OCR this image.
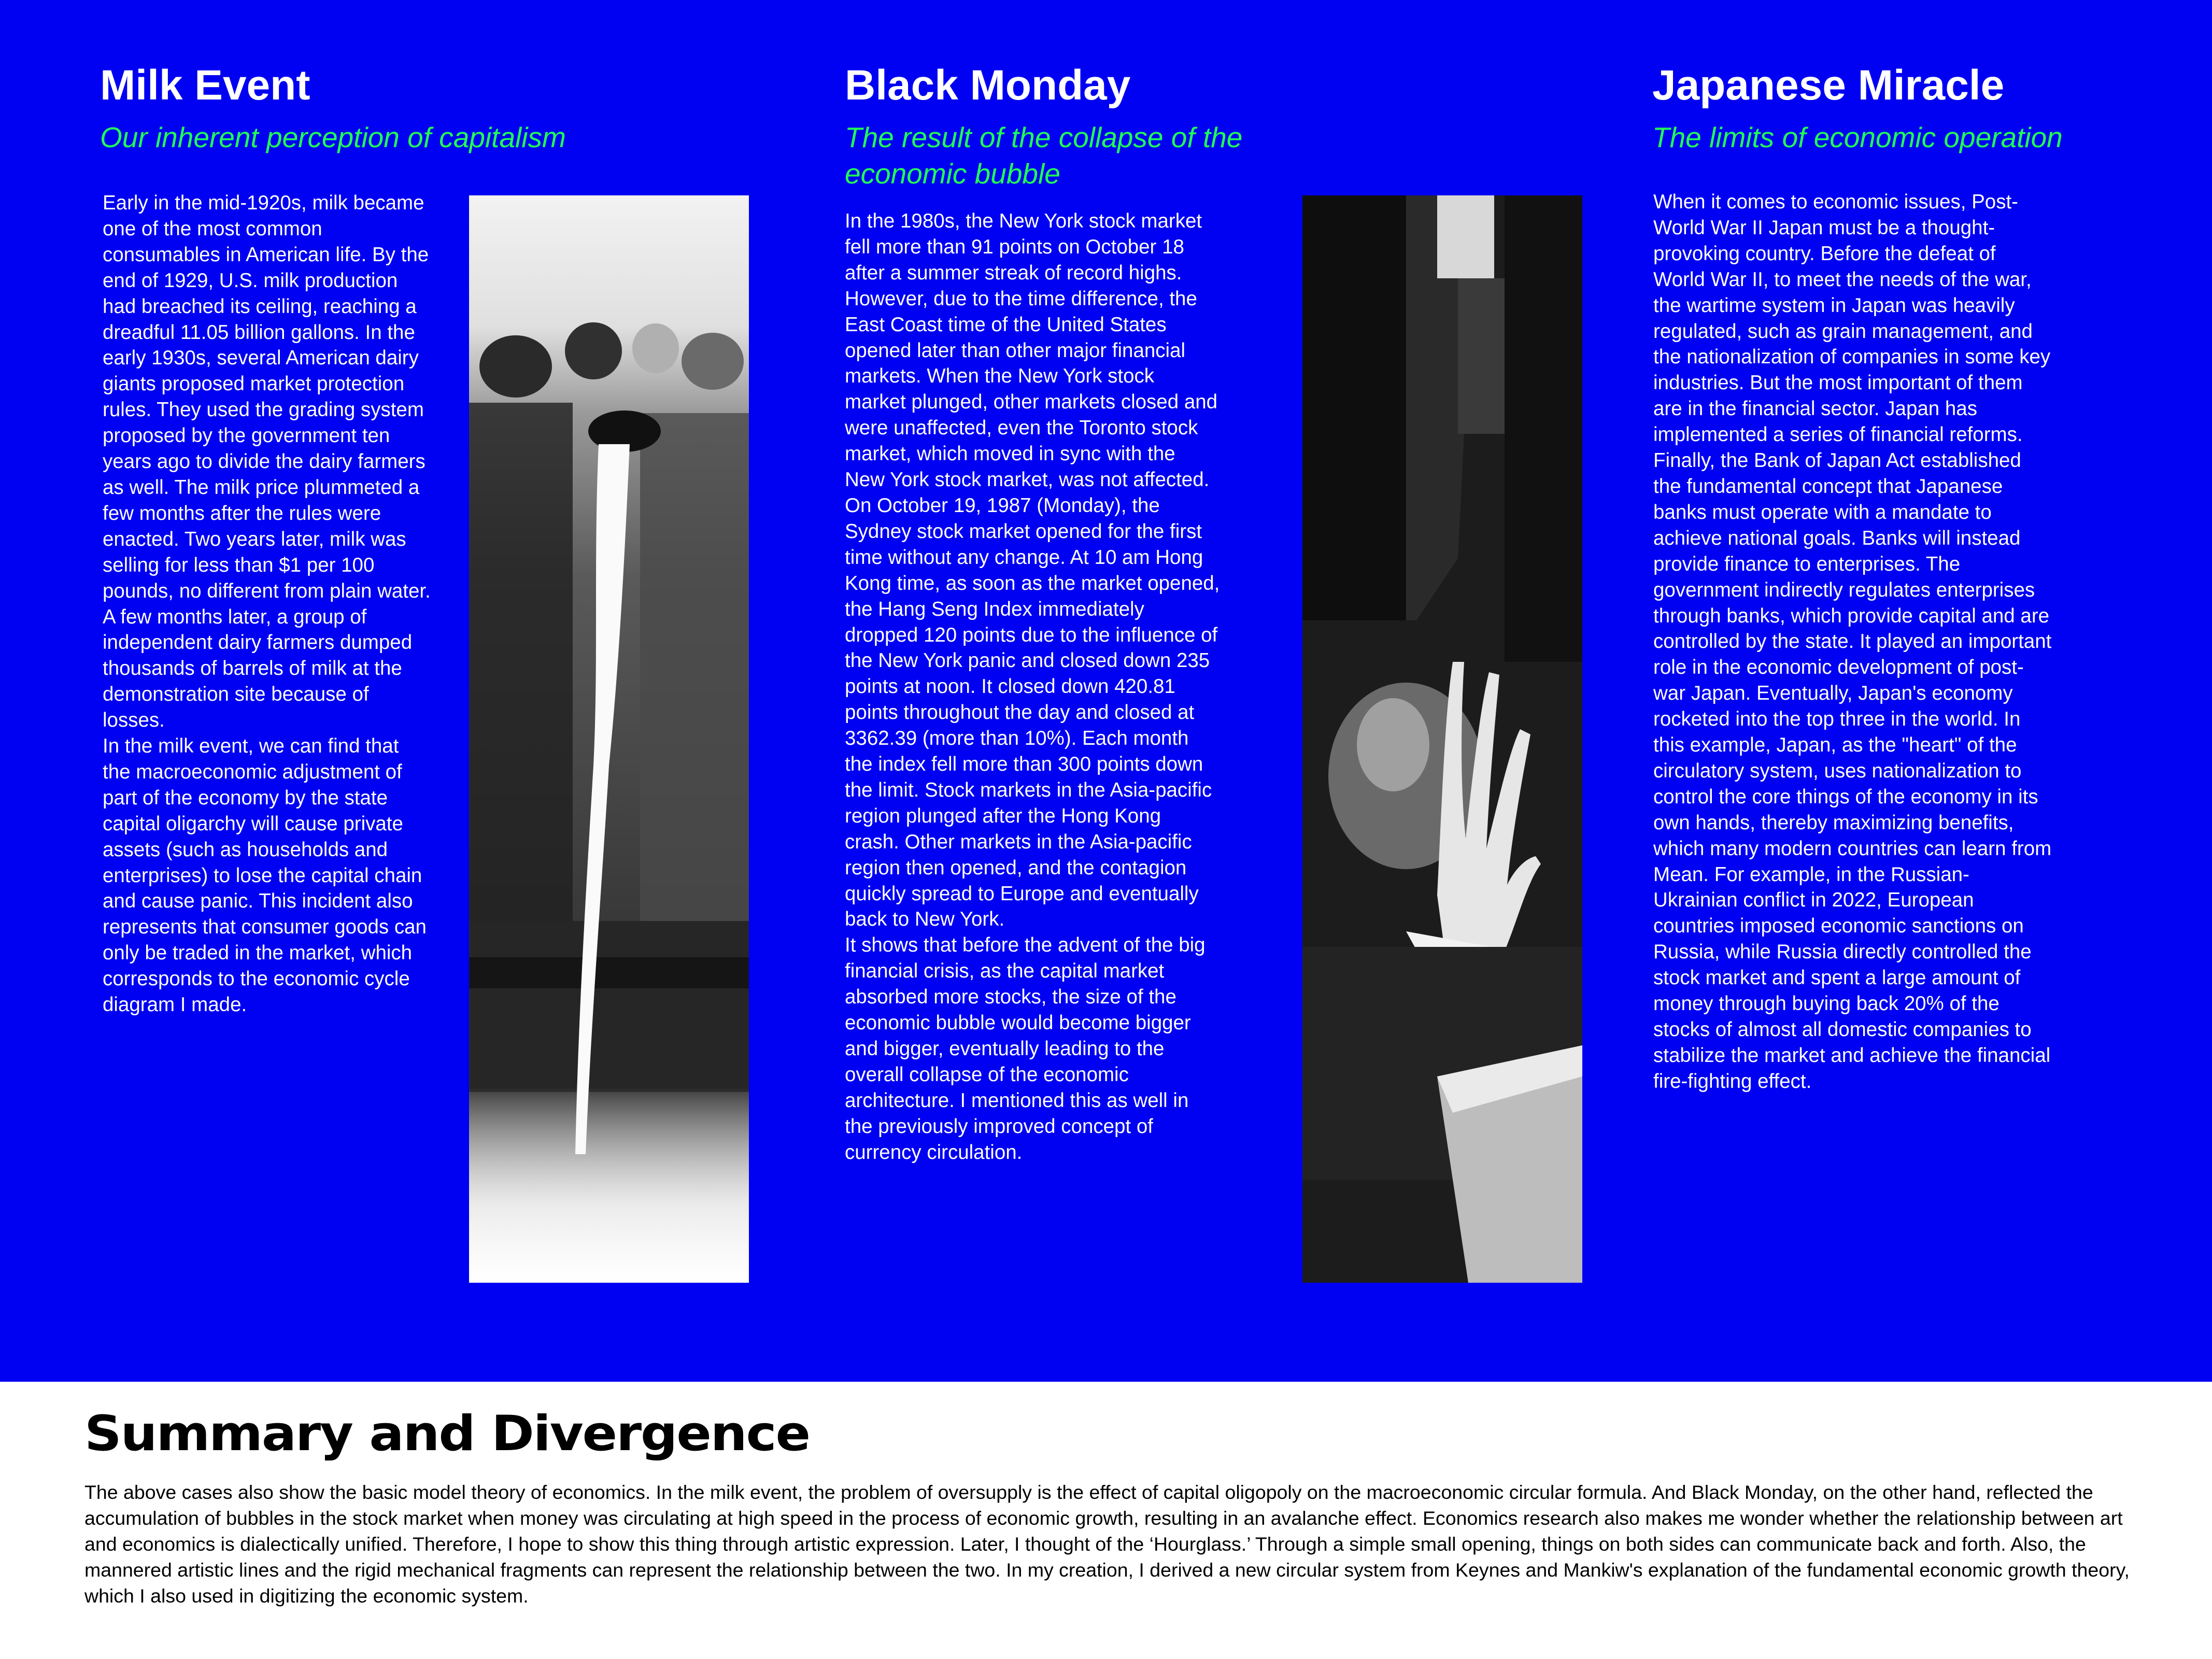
Milk Event
Our inherent perception of capitalism

Early in the mid-1920s, milk became one of the most common consumables in American life. By the end of 1929, U.S. milk production had breached its ceiling, reaching a dreadful 11.05 billion gallons. In the early 1930s, several American dairy giants proposed market protection rules. They used the grading system proposed by the government ten years ago to divide the dairy farmers as well. The milk price plummeted a few months after the rules were enacted. Two years later, milk was selling for less than $1 per 100 pounds, no different from plain water. A few months later, a group of independent dairy farmers dumped thousands of barrels of milk at the demonstration site because of losses.

In the milk event, we can find that the macroeconomic adjustment of part of the economy by the state capital oligarchy will cause private assets (such as households and enterprises) to lose the capital chain and cause panic. This incident also represents that consumer goods can only be traded in the market, which corresponds to the economic cycle diagram I made.

Black Monday
The result of the collapse of the economic bubble

In the 1980s, the New York stock market fell more than 91 points on October 18 after a summer streak of record highs. However, due to the time difference, the East Coast time of the United States opened later than other major financial markets. When the New York stock market plunged, other markets closed and were unaffected, even the Toronto stock market, which moved in sync with the New York stock market, was not affected. On October 19, 1987 (Monday), the Sydney stock market opened for the first time without any change. At 10 am Hong Kong time, as soon as the market opened, the Hang Seng Index immediately dropped 120 points due to the influence of the New York panic and closed down 235 points at noon. It closed down 420.81 points throughout the day and closed at 3362.39 (more than 10%). Each month the index fell more than 300 points down the limit. Stock markets in the Asia-pacific region plunged after the Hong Kong crash. Other markets in the Asia-pacific region then opened, and the contagion quickly spread to Europe and eventually back to New York.

It shows that before the advent of the big financial crisis, as the capital market absorbed more stocks, the size of the economic bubble would become bigger and bigger, eventually leading to the overall collapse of the economic architecture. I mentioned this as well in the previously improved concept of currency circulation.

Japanese Miracle
The limits of economic operation

When it comes to economic issues, Post-World War II Japan must be a thought-provoking country. Before the defeat of World War II, to meet the needs of the war, the wartime system in Japan was heavily regulated, such as grain management, and the nationalization of companies in some key industries. But the most important of them are in the financial sector. Japan has implemented a series of financial reforms. Finally, the Bank of Japan Act established the fundamental concept that Japanese banks must operate with a mandate to achieve national goals. Banks will instead provide finance to enterprises. The government indirectly regulates enterprises through banks, which provide capital and are controlled by the state. It played an important role in the economic development of post-war Japan. Eventually, Japan's economy rocketed into the top three in the world. In this example, Japan, as the "heart" of the circulatory system, uses nationalization to control the core things of the economy in its own hands, thereby maximizing benefits, which many modern countries can learn from Mean. For example, in the Russian-Ukrainian conflict in 2022, European countries imposed economic sanctions on Russia, while Russia directly controlled the stock market and spent a large amount of money through buying back 20% of the stocks of almost all domestic companies to stabilize the market and achieve the financial fire-fighting effect.

Summary and Divergence

The above cases also show the basic model theory of economics. In the milk event, the problem of oversupply is the effect of capital oligopoly on the macroeconomic circular formula. And Black Monday, on the other hand, reflected the accumulation of bubbles in the stock market when money was circulating at high speed in the process of economic growth, resulting in an avalanche effect. Economics research also makes me wonder whether the relationship between art and economics is dialectically unified. Therefore, I hope to show this thing through artistic expression. Later, I thought of the ‘Hourglass.’ Through a simple small opening, things on both sides can communicate back and forth. Also, the mannered artistic lines and the rigid mechanical fragments can represent the relationship between the two. In my creation, I derived a new circular system from Keynes and Mankiw's explanation of the fundamental economic growth theory, which I also used in digitizing the economic system.
